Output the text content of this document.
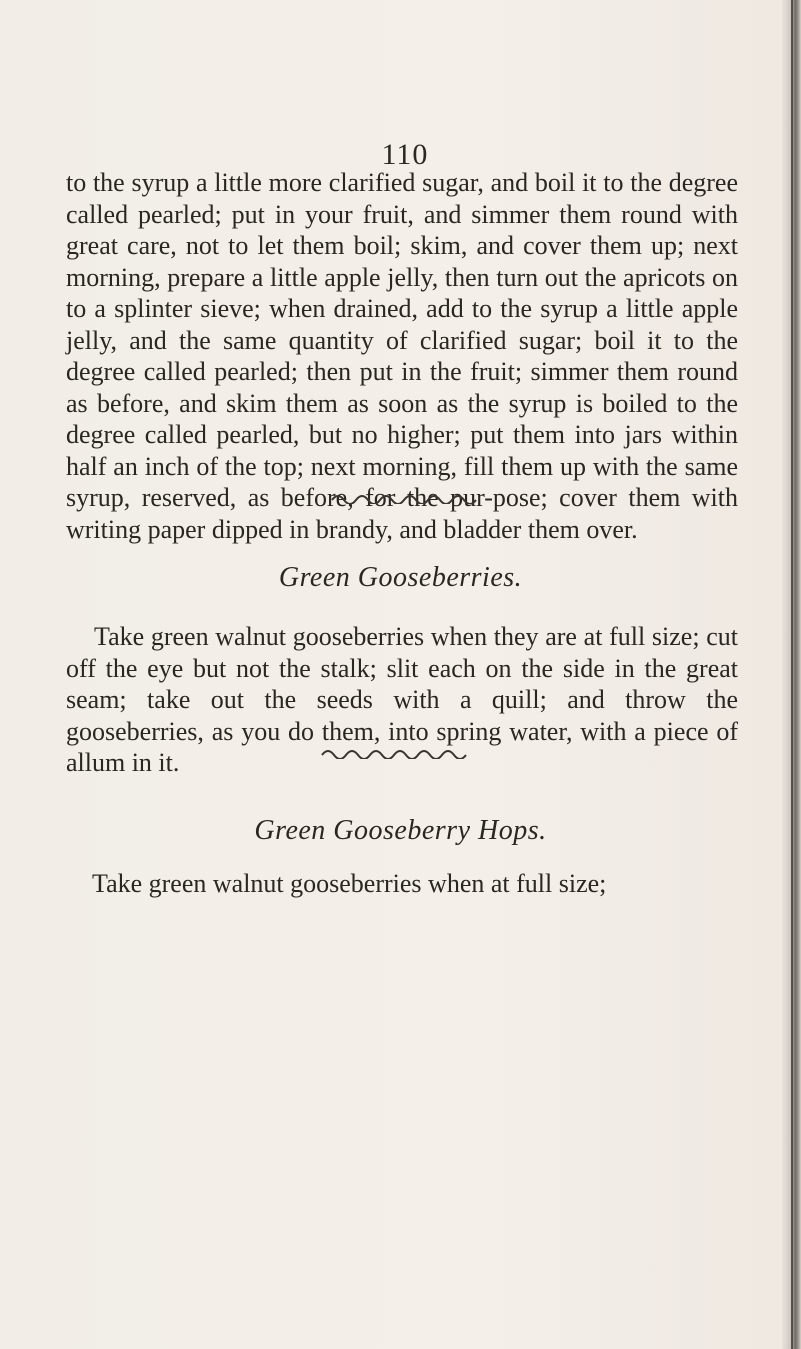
110
to the syrup a little more clarified sugar, and boil it to the degree called pearled; put in your fruit, and simmer them round with great care, not to let them boil; skim, and cover them up; next morning, prepare a little apple jelly, then turn out the apricots on to a splinter sieve; when drained, add to the syrup a little apple jelly, and the same quantity of clarified sugar; boil it to the degree called pearled; then put in the fruit; simmer them round as before, and skim them as soon as the syrup is boiled to the degree called pearled, but no higher; put them into jars within half an inch of the top; next morning, fill them up with the same syrup, reserved, as before, for the pur-pose; cover them with writing paper dipped in brandy, and bladder them over.
Green Gooseberries.
Take green walnut gooseberries when they are at full size; cut off the eye but not the stalk; slit each on the side in the great seam; take out the seeds with a quill; and throw the gooseberries, as you do them, into spring water, with a piece of allum in it.
Green Gooseberry Hops.
Take green walnut gooseberries when at full size;
